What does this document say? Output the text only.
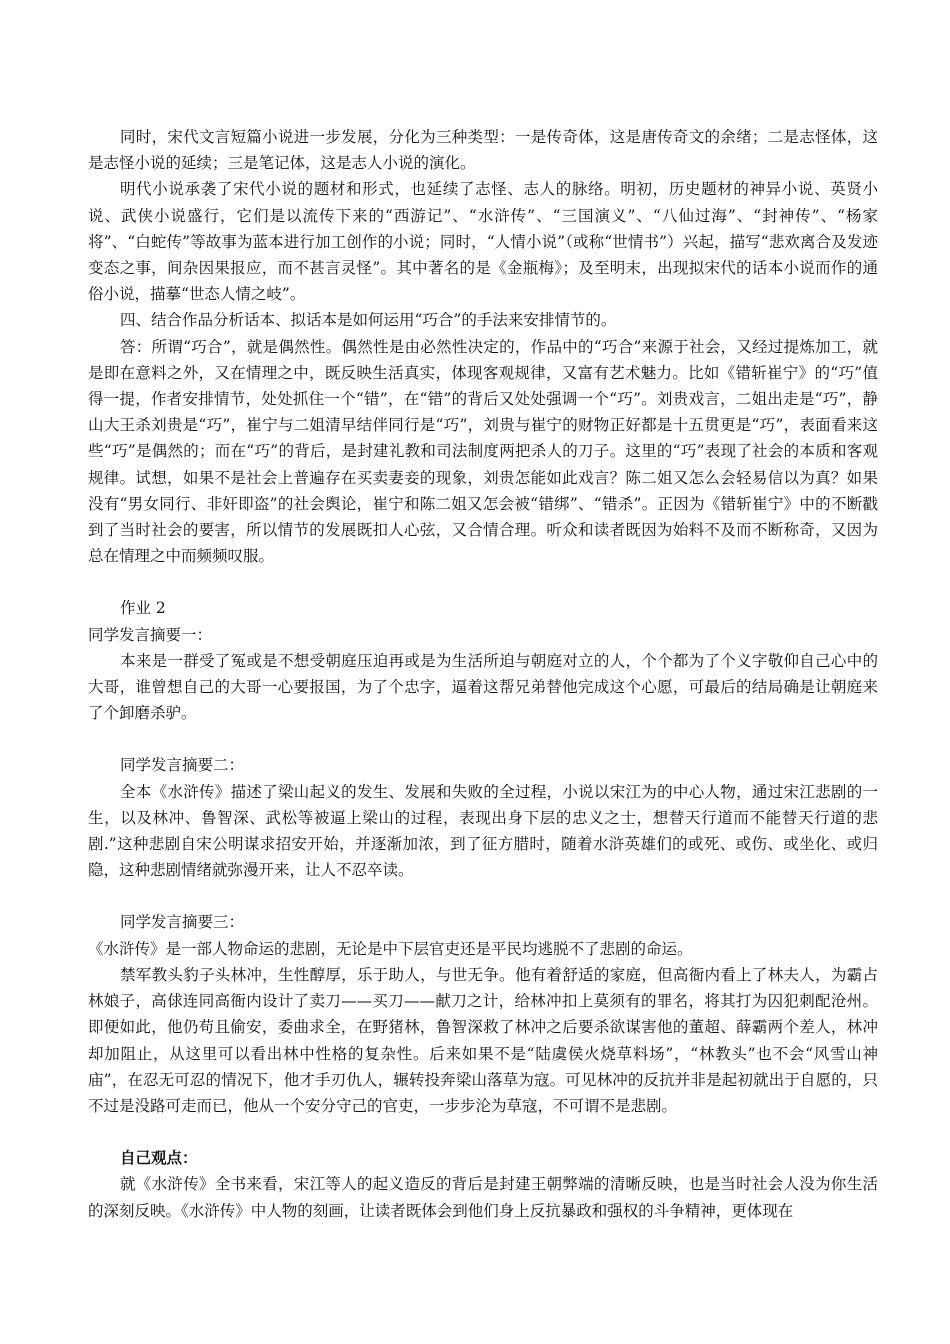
同时，宋代文言短篇小说进一步发展，分化为三种类型：一是传奇体，这是唐传奇文的余绪；二是志怪体，这是志怪小说的延续；三是笔记体，这是志人小说的演化。

明代小说承袭了宋代小说的题材和形式，也延续了志怪、志人的脉络。明初，历史题材的神异小说、英贤小说、武侠小说盛行，它们是以流传下来的“西游记”、“水浒传”、“三国演义”、“八仙过海”、“封神传”、“杨家将”、“白蛇传”等故事为蓝本进行加工创作的小说；同时，“人情小说”（或称“世情书”）兴起，描写“悲欢离合及发迹变态之事，间杂因果报应，而不甚言灵怪”。其中著名的是《金瓶梅》；及至明末，出现拟宋代的话本小说而作的通俗小说，描摹“世态人情之岐”。

四、结合作品分析话本、拟话本是如何运用“巧合”的手法来安排情节的。

答：所谓“巧合”，就是偶然性。偶然性是由必然性决定的，作品中的“巧合”来源于社会，又经过提炼加工，就是即在意料之外，又在情理之中，既反映生活真实，体现客观规律，又富有艺术魅力。比如《错斩崔宁》的“巧”值得一提，作者安排情节，处处抓住一个“错”，在“错”的背后又处处强调一个“巧”。刘贵戏言，二姐出走是“巧”，静山大王杀刘贵是“巧”，崔宁与二姐清早结伴同行是“巧”，刘贵与崔宁的财物正好都是十五贯更是“巧”，表面看来这些“巧”是偶然的；而在“巧”的背后，是封建礼教和司法制度两把杀人的刀子。这里的“巧”表现了社会的本质和客观规律。试想，如果不是社会上普遍存在买卖妻妾的现象，刘贵怎能如此戏言？陈二姐又怎么会轻易信以为真？如果没有“男女同行、非奸即盗”的社会舆论，崔宁和陈二姐又怎会被“错绑”、“错杀”。正因为《错斩崔宁》中的不断戳到了当时社会的要害，所以情节的发展既扣人心弦，又合情合理。听众和读者既因为始料不及而不断称奇，又因为总在情理之中而频频叹服。

作业 2

同学发言摘要一：

本来是一群受了冤或是不想受朝庭压迫再或是为生活所迫与朝庭对立的人，个个都为了个义字敬仰自己心中的大哥，谁曾想自己的大哥一心要报国，为了个忠字，逼着这帮兄弟替他完成这个心愿，可最后的结局确是让朝庭来了个卸磨杀驴。

同学发言摘要二：

全本《水浒传》描述了梁山起义的发生、发展和失败的全过程，小说以宋江为的中心人物，通过宋江悲剧的一生，以及林冲、鲁智深、武松等被逼上梁山的过程，表现出身下层的忠义之士，想替天行道而不能替天行道的悲剧.”这种悲剧自宋公明谋求招安开始，并逐渐加浓，到了征方腊时，随着水浒英雄们的或死、或伤、或坐化、或归隐，这种悲剧情绪就弥漫开来，让人不忍卒读。

同学发言摘要三：

《水浒传》是一部人物命运的悲剧，无论是中下层官吏还是平民均逃脱不了悲剧的命运。

禁军教头豹子头林冲，生性醇厚，乐于助人，与世无争。他有着舒适的家庭，但高衙内看上了林夫人，为霸占林娘子，高俅连同高衙内设计了卖刀——买刀——献刀之计，给林冲扣上莫须有的罪名，将其打为囚犯刺配沧州。即便如此，他仍苟且偷安，委曲求全，在野猪林，鲁智深救了林冲之后要杀欲谋害他的董超、薛霸两个差人，林冲却加阻止，从这里可以看出林中性格的复杂性。后来如果不是“陆虞侯火烧草料场”，“林教头”也不会“风雪山神庙”，在忍无可忍的情况下，他才手刃仇人，辗转投奔梁山落草为寇。可见林冲的反抗并非是起初就出于自愿的，只不过是没路可走而已，他从一个安分守己的官吏，一步步沦为草寇，不可谓不是悲剧。

自己观点：

就《水浒传》全书来看，宋江等人的起义造反的背后是封建王朝弊端的清晰反映，也是当时社会人没为你生活的深刻反映。《水浒传》中人物的刻画，让读者既体会到他们身上反抗暴政和强权的斗争精神，更体现在
